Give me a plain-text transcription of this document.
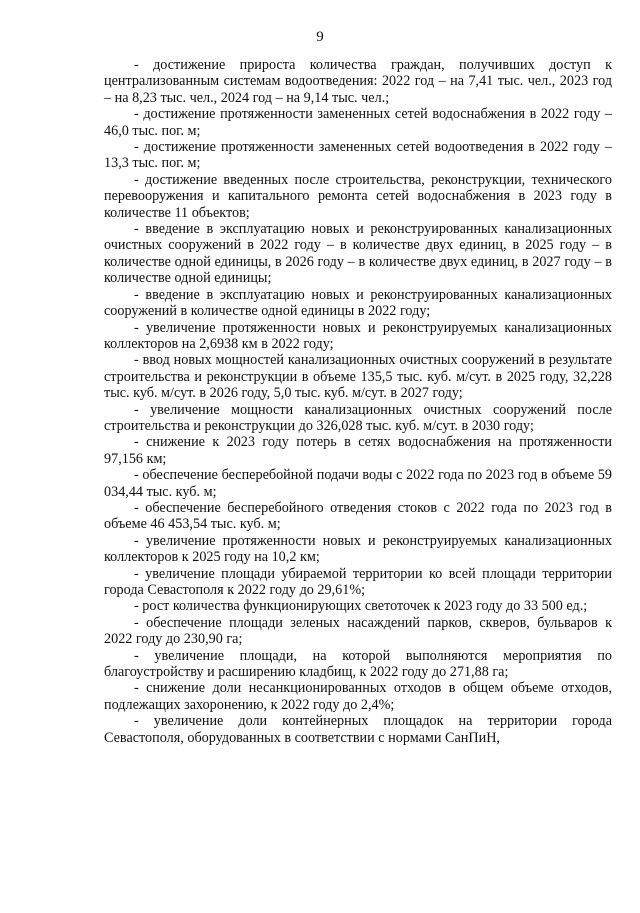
9

- достижение прироста количества граждан, получивших доступ к централизованным системам водоотведения: 2022 год – на 7,41 тыс. чел., 2023 год – на 8,23 тыс. чел., 2024 год – на 9,14 тыс. чел.;

- достижение протяженности замененных сетей водоснабжения в 2022 году – 46,0 тыс. пог. м;

- достижение протяженности замененных сетей водоотведения в 2022 году – 13,3 тыс. пог. м;

- достижение введенных после строительства, реконструкции, технического перевооружения и капитального ремонта сетей водоснабжения в 2023 году в количестве 11 объектов;

- введение в эксплуатацию новых и реконструированных канализационных очистных сооружений в 2022 году – в количестве двух единиц, в 2025 году – в количестве одной единицы, в 2026 году – в количестве двух единиц, в 2027 году – в количестве одной единицы;

- введение в эксплуатацию новых и реконструированных канализационных сооружений в количестве одной единицы в 2022 году;

- увеличение протяженности новых и реконструируемых канализационных коллекторов на 2,6938 км в 2022 году;

- ввод новых мощностей канализационных очистных сооружений в результате строительства и реконструкции в объеме 135,5 тыс. куб. м/сут. в 2025 году, 32,228 тыс. куб. м/сут. в 2026 году, 5,0 тыс. куб. м/сут. в 2027 году;

- увеличение мощности канализационных очистных сооружений после строительства и реконструкции до 326,028 тыс. куб. м/сут. в 2030 году;

- снижение к 2023 году потерь в сетях водоснабжения на протяженности 97,156 км;

- обеспечение бесперебойной подачи воды с 2022 года по 2023 год в объеме 59 034,44 тыс. куб. м;

- обеспечение бесперебойного отведения стоков с 2022 года по 2023 год в объеме 46 453,54 тыс. куб. м;

- увеличение протяженности новых и реконструируемых канализационных коллекторов к 2025 году на 10,2 км;

- увеличение площади убираемой территории ко всей площади территории города Севастополя к 2022 году до 29,61%;

- рост количества функционирующих светоточек к 2023 году до 33 500 ед.;

- обеспечение площади зеленых насаждений парков, скверов, бульваров к 2022 году до 230,90 га;

- увеличение площади, на которой выполняются мероприятия по благоустройству и расширению кладбищ, к 2022 году до 271,88 га;

- снижение доли несанкционированных отходов в общем объеме отходов, подлежащих захоронению, к 2022 году до 2,4%;

- увеличение доли контейнерных площадок на территории города Севастополя, оборудованных в соответствии с нормами СанПиН,
